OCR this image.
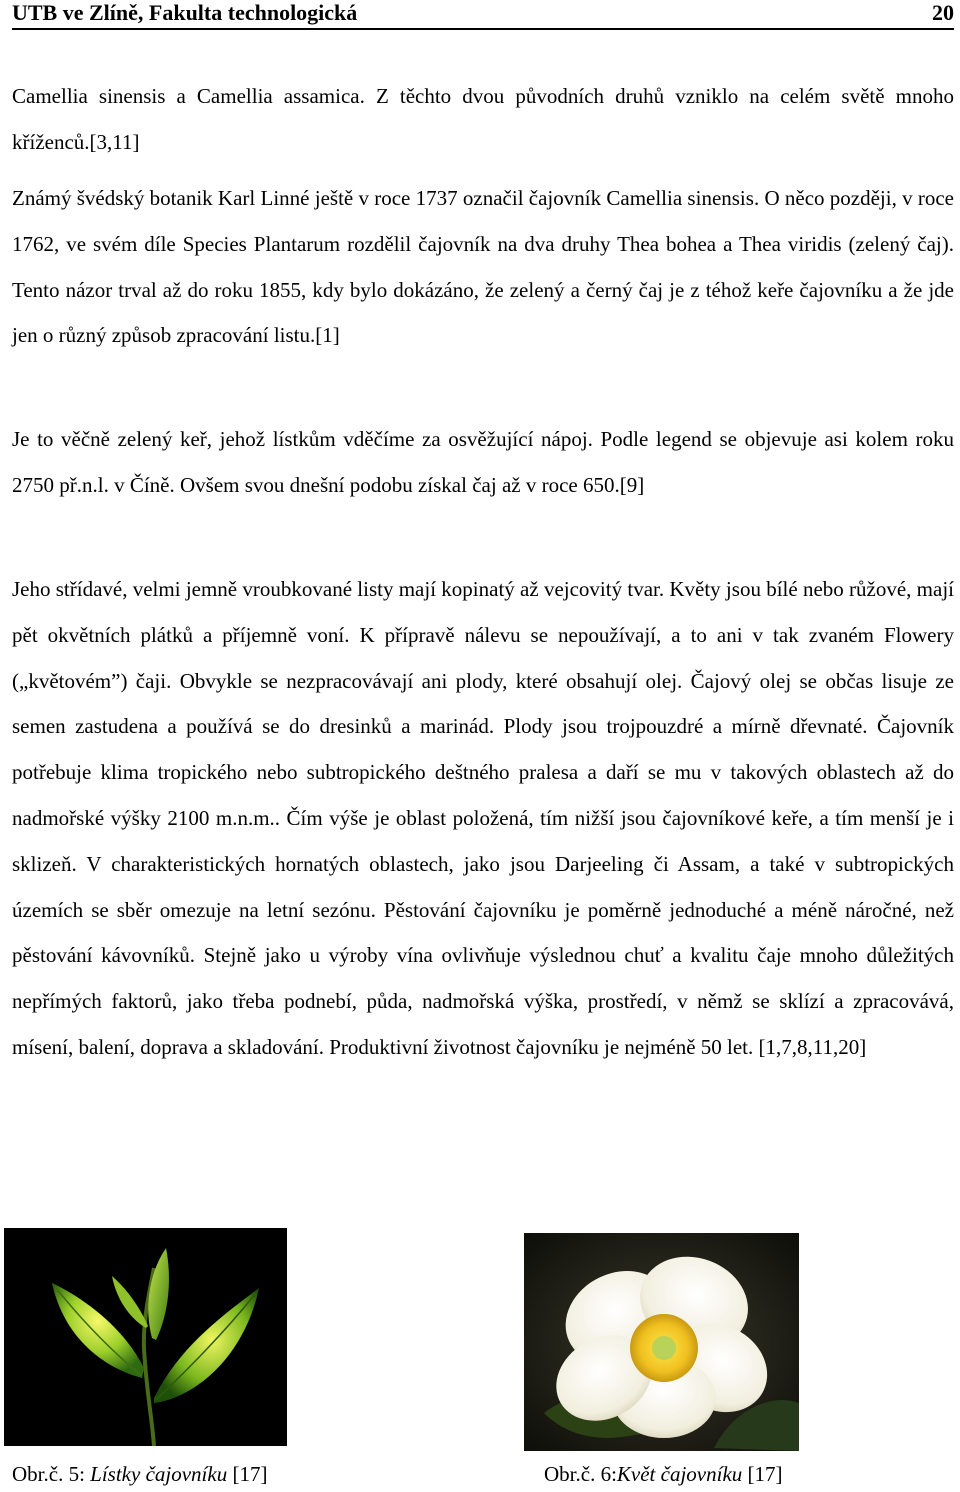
UTB ve Zlíně, Fakulta technologická	20
Camellia sinensis a Camellia assamica. Z těchto dvou původních druhů vzniklo na celém světě mnoho kříženců.[3,11]
Známý švédský botanik Karl Linné ještě v roce 1737 označil čajovník Camellia sinensis. O něco později, v roce 1762, ve svém díle Species Plantarum rozdělil čajovník na dva druhy Thea bohea a Thea viridis (zelený čaj). Tento názor trval až do roku 1855, kdy bylo dokázáno, že zelený a černý čaj je z téhož keře čajovníku a že jde jen o různý způsob zpracování listu.[1]
Je to věčně zelený keř, jehož lístkům vděčíme za osvěžující nápoj. Podle legend se objevuje asi kolem roku 2750 př.n.l. v Číně. Ovšem svou dnešní podobu získal čaj až v roce 650.[9]
Jeho střídavé, velmi jemně vroubkované listy mají kopinatý až vejcovitý tvar. Květy jsou bílé nebo růžové, mají pět okvětních plátků a příjemně voní. K přípravě nálevu se nepoužívají, a to ani v tak zvaném Flowery („květovém”) čaji. Obvykle se nezpracovávají ani plody, které obsahují olej. Čajový olej se občas lisuje ze semen zastudena a používá se do dresinků a marinád. Plody jsou trojpouzdré a mírně dřevnaté. Čajovník potřebuje klima tropického nebo subtropického deštného pralesa a daří se mu v takových oblastech až do nadmořské výšky 2100 m.n.m.. Čím výše je oblast položená, tím nižší jsou čajovníkové keře, a tím menší je i sklizeň. V charakteristických hornatých oblastech, jako jsou Darjeeling či Assam, a také v subtropických územích se sběr omezuje na letní sezónu. Pěstování čajovníku je poměrně jednoduché a méně náročné, než pěstování kávovníků. Stejně jako u výroby vína ovlivňuje výslednou chuť a kvalitu čaje mnoho důležitých nepřímých faktorů, jako třeba podnebí, půda, nadmořská výška, prostředí, v němž se sklízí a zpracovává, mísení, balení, doprava a skladování. Produktivní životnost čajovníku je nejméně 50 let. [1,7,8,11,20]
Obr.č. 5: Lístky čajovníku [17]	Obr.č. 6:Květ čajovníku [17]
